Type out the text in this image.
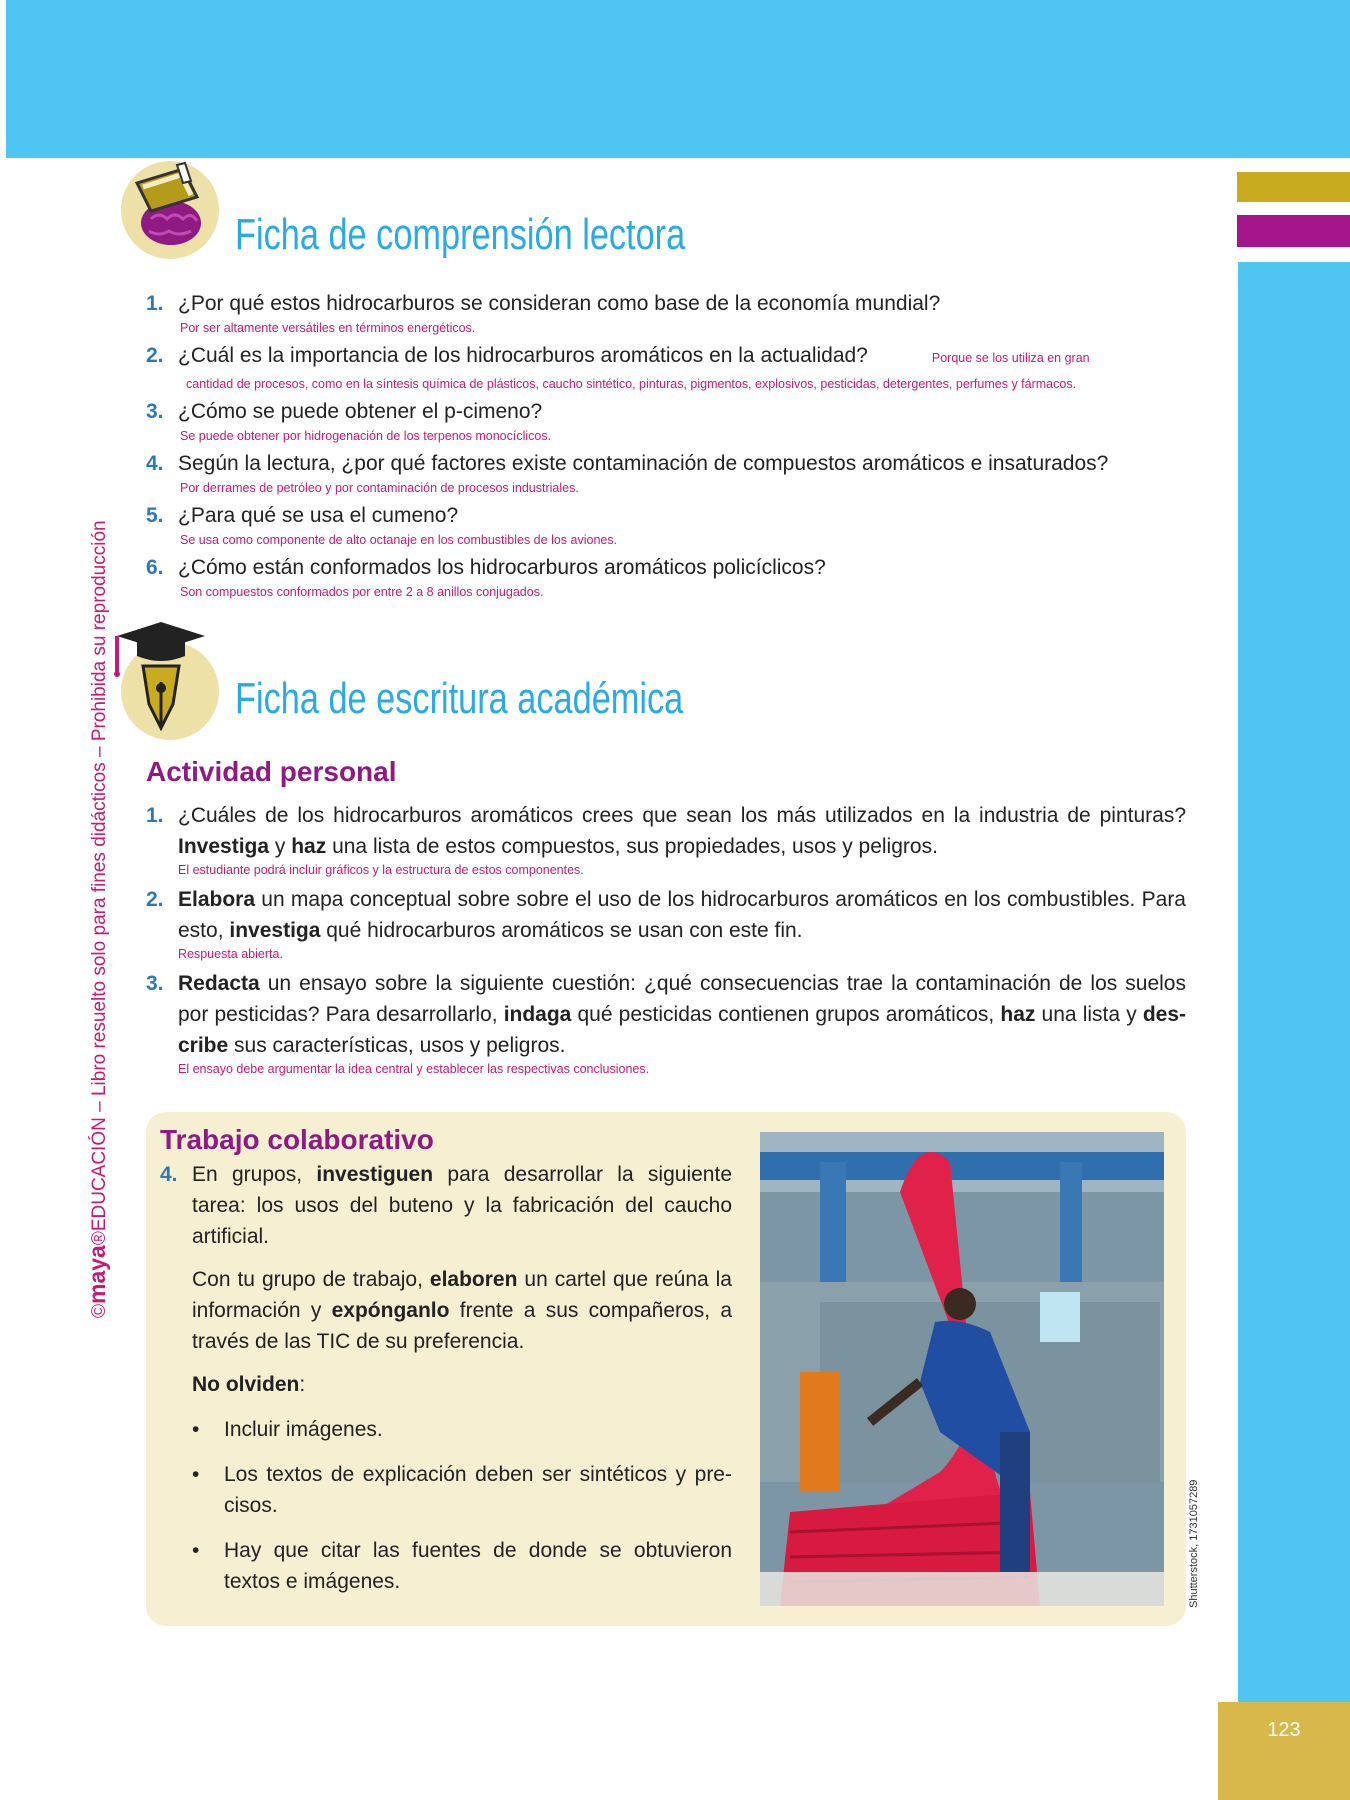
123
©maya®EDUCACIÓN – Libro resuelto solo para fines didácticos – Prohibida su reproducción
Ficha de comprensión lectora
1. ¿Por qué estos hidrocarburos se consideran como base de la economía mundial?
Por ser altamente versátiles en términos energéticos.
2. ¿Cuál es la importancia de los hidrocarburos aromáticos en la actualidad?	Porque se los utiliza en gran
cantidad de procesos, como en la síntesis química de plásticos, caucho sintético, pinturas, pigmentos, explosivos, pesticidas, detergentes, perfumes y fármacos.
3. ¿Cómo se puede obtener el p-cimeno?
Se puede obtener por hidrogenación de los terpenos monocíclicos.
4. Según la lectura, ¿por qué factores existe contaminación de compuestos aromáticos e insaturados?
Por derrames de petróleo y por contaminación de procesos industriales.
5. ¿Para qué se usa el cumeno?
Se usa como componente de alto octanaje en los combustibles de los aviones.
6. ¿Cómo están conformados los hidrocarburos aromáticos policíclicos?
Son compuestos conformados por entre 2 a 8 anillos conjugados.
Ficha de escritura académica
Actividad personal
1. ¿Cuáles de los hidrocarburos aromáticos crees que sean los más utilizados en la industria de pinturas? Investiga y haz una lista de estos compuestos, sus propiedades, usos y peligros.
El estudiante podrá incluir gráficos y la estructura de estos componentes.
2. Elabora un mapa conceptual sobre sobre el uso de los hidrocarburos aromáticos en los combustibles. Para esto, investiga qué hidrocarburos aromáticos se usan con este fin.
Respuesta abierta.
3. Redacta un ensayo sobre la siguiente cuestión: ¿qué consecuencias trae la contaminación de los suelos por pesticidas? Para desarrollarlo, indaga qué pesticidas contienen grupos aromáticos, haz una lista y describe sus características, usos y peligros.
El ensayo debe argumentar la idea central y establecer las respectivas conclusiones.
Trabajo colaborativo
4. En grupos, investiguen para desarrollar la siguiente tarea: los usos del buteno y la fabricación del caucho artificial.

Con tu grupo de trabajo, elaboren un cartel que reúna la información y expónganlo frente a sus compañeros, a través de las TIC de su preferencia.

No olviden:

•	Incluir imágenes.
•	Los textos de explicación deben ser sintéticos y precisos.
•	Hay que citar las fuentes de donde se obtuvieron textos e imágenes.	Shutterstock, 1731057289
